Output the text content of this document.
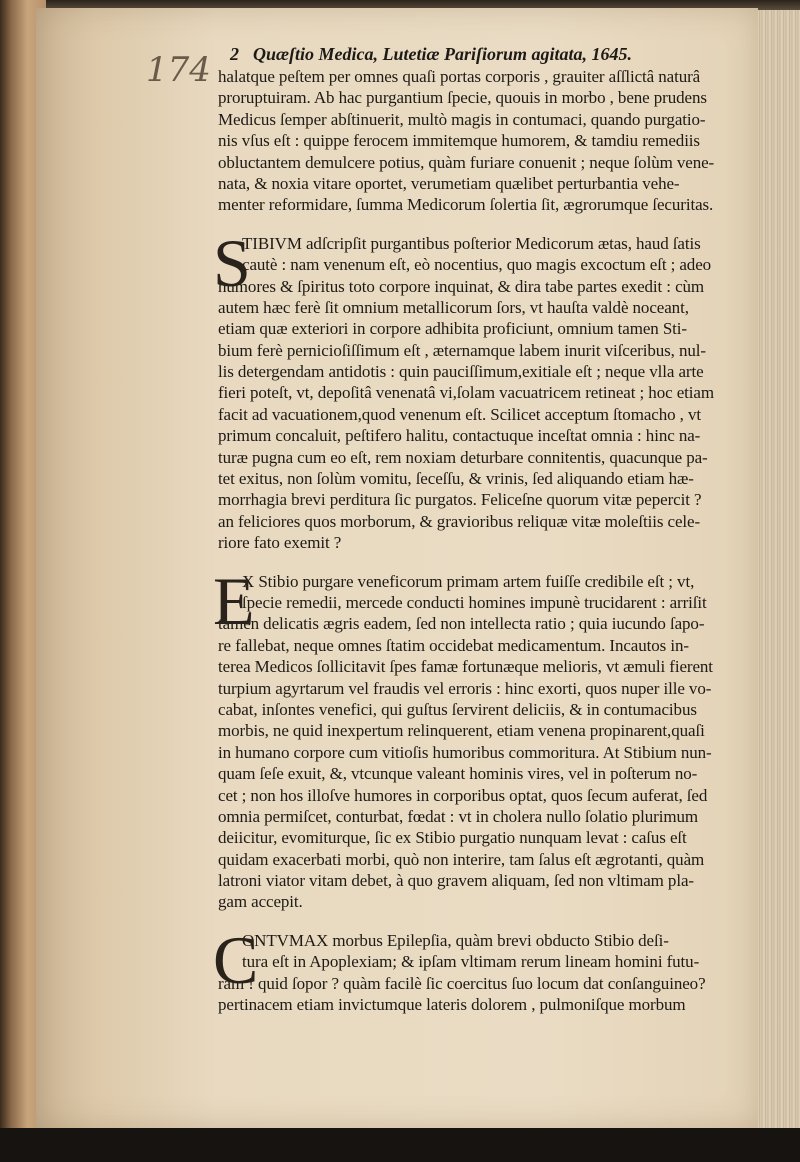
174 2 Quæſtio Medica, Lutetiæ Pariſiorum agitata, 1645.
halatque peſtem per omnes quaſi portas corporis , grauiter aſſlictâ naturâ
proruptuiram. Ab hac purgantium ſpecie, quouis in morbo , bene prudens
Medicus ſemper abſtinuerit, multò magis in contumaci, quando purgatio-
nis vſus eſt : quippe ferocem immitemque humorem, & tamdiu remediis
obluctantem demulcere potius, quàm furiare conuenit ; neque ſolùm vene-
nata, & noxia vitare oportet, verumetiam quælibet perturbantia vehe-
menter reformidare, ſumma Medicorum ſolertia ſit, ægrorumque ſecuritas.
S
TIBIVM adſcripſit purgantibus poſterior Medicorum ætas, haud ſatis
cautè : nam venenum eſt, eò nocentius, quo magis excoctum eſt ; adeo
humores & ſpiritus toto corpore inquinat, & dira tabe partes exedit : cùm
autem hæc ferè ſit omnium metallicorum ſors, vt hauſta valdè noceant,
etiam quæ exteriori in corpore adhibita proficiunt, omnium tamen Sti-
bium ferè pernicioſiſſimum eſt , æternamque labem inurit viſceribus, nul-
lis detergendam antidotis : quin pauciſſimum,exitiale eſt ; neque vlla arte
fieri poteſt, vt, depoſitâ venenatâ vi,ſolam vacuatricem retineat ; hoc etiam
facit ad vacuationem,quod venenum eſt. Scilicet acceptum ſtomacho , vt
primum concaluit, peſtifero halitu, contactuque inceſtat omnia : hinc na-
turæ pugna cum eo eſt, rem noxiam deturbare connitentis, quacunque pa-
tet exitus, non ſolùm vomitu, ſeceſſu, & vrinis, ſed aliquando etiam hæ-
morrhagia brevi perditura ſic purgatos. Feliceſne quorum vitæ pepercit ?
an feliciores quos morborum, & gravioribus reliquæ vitæ moleſtiis cele-
riore fato exemit ?
E
X Stibio purgare veneficorum primam artem fuiſſe credibile eſt ; vt,
ſpecie remedii, mercede conducti homines impunè trucidarent : arriſit
tamen delicatis ægris eadem, ſed non intellecta ratio ; quia iucundo ſapo-
re fallebat, neque omnes ſtatim occidebat medicamentum. Incautos in-
terea Medicos ſollicitavit ſpes famæ fortunæque melioris, vt æmuli fierent
turpium agyrtarum vel fraudis vel erroris : hinc exorti, quos nuper ille vo-
cabat, inſontes venefici, qui guſtus ſervirent deliciis, & in contumacibus
morbis, ne quid inexpertum relinquerent, etiam venena propinarent,quaſi
in humano corpore cum vitioſis humoribus commoritura. At Stibium nun-
quam ſeſe exuit, &, vtcunque valeant hominis vires, vel in poſterum no-
cet ; non hos illoſve humores in corporibus optat, quos ſecum auferat, ſed
omnia permiſcet, conturbat, fœdat : vt in cholera nullo ſolatio plurimum
deiicitur, evomiturque, ſic ex Stibio purgatio nunquam levat : caſus eſt
quidam exacerbati morbi, quò non interire, tam ſalus eſt ægrotanti, quàm
latroni viator vitam debet, à quo gravem aliquam, ſed non vltimam pla-
gam accepit.
C
ONTVMAX morbus Epilepſia, quàm brevi obducto Stibio deſi-
tura eſt in Apoplexiam; & ipſam vltimam rerum lineam homini futu-
ram ! quid ſopor ? quàm facilè ſic coercitus ſuo locum dat conſanguineo?
pertinacem etiam invictumque lateris dolorem , pulmoniſque morbum
